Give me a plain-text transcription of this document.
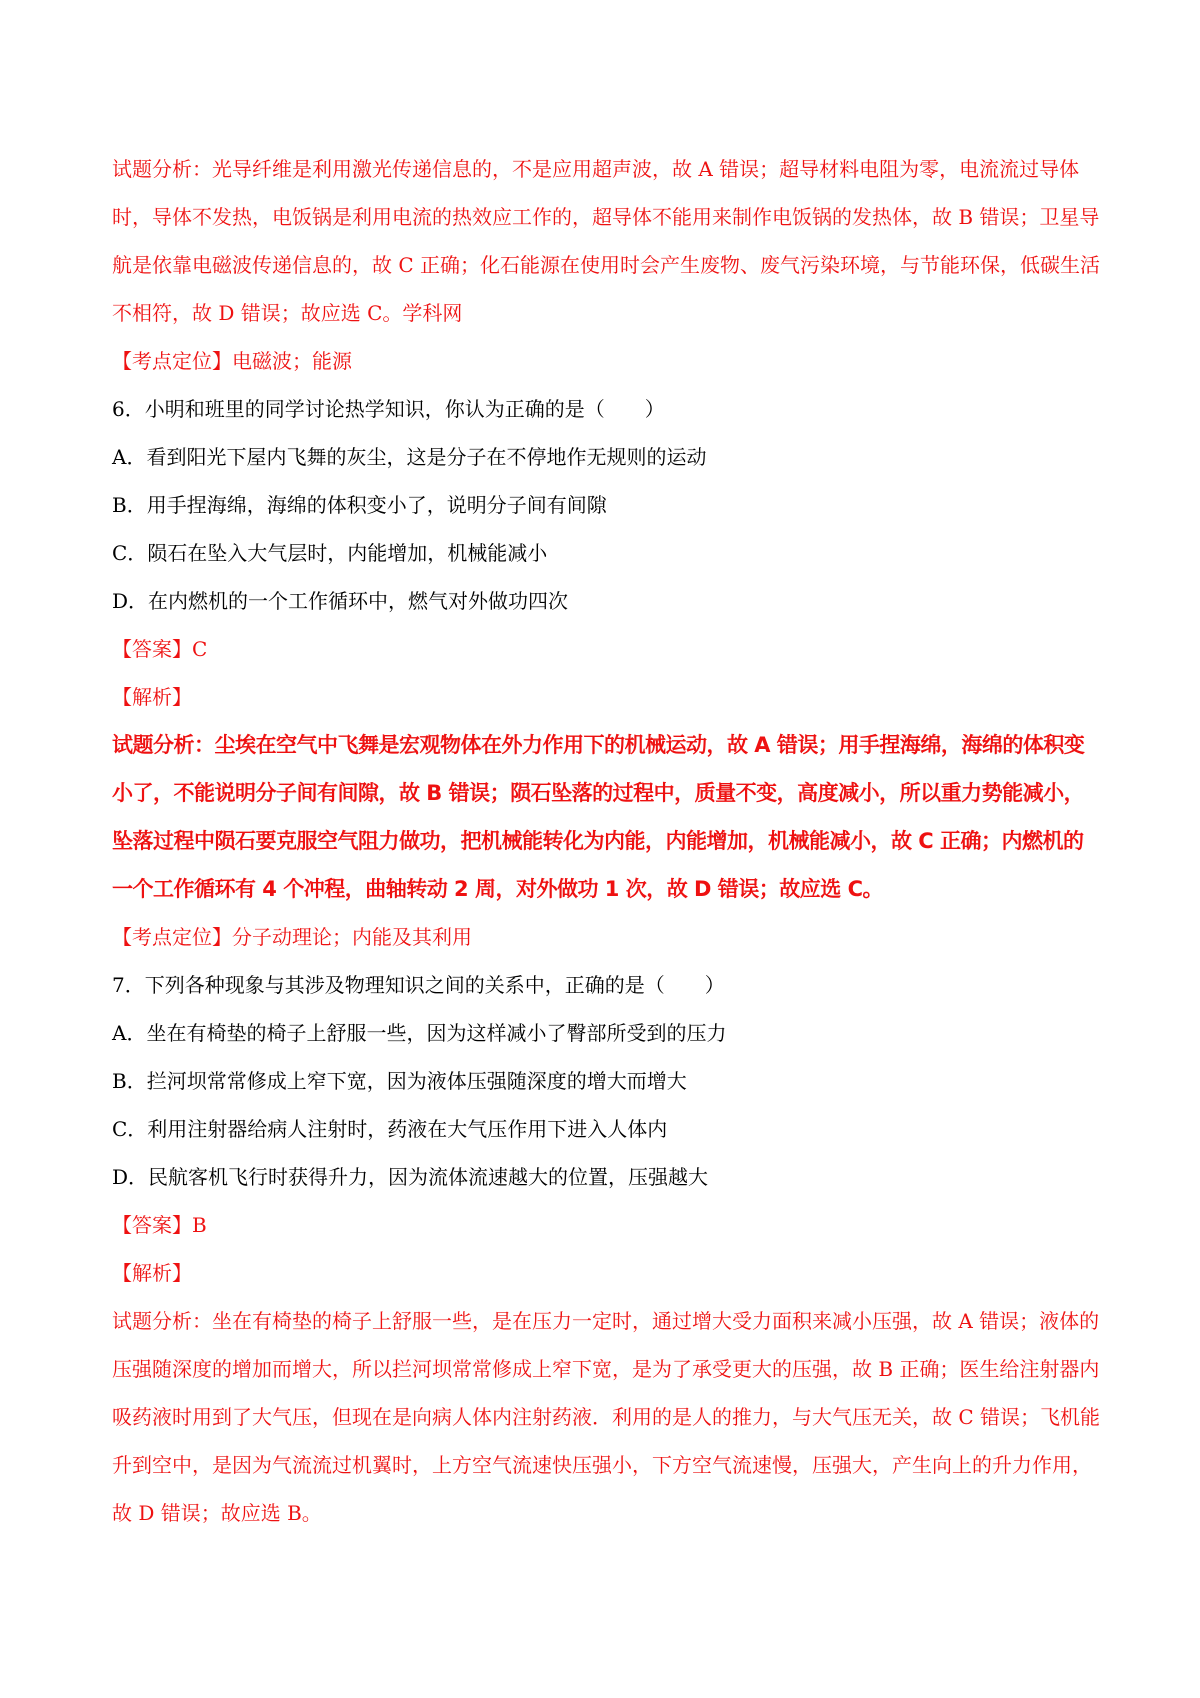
试题分析：光导纤维是利用激光传递信息的，不是应用超声波，故 A 错误；超导材料电阻为零，电流流过导体时，导体不发热，电饭锅是利用电流的热效应工作的，超导体不能用来制作电饭锅的发热体，故 B 错误；卫星导航是依靠电磁波传递信息的，故 C 正确；化石能源在使用时会产生废物、废气污染环境，与节能环保，低碳生活不相符，故 D 错误；故应选 C。学科网

【考点定位】电磁波；能源

6．小明和班里的同学讨论热学知识，你认为正确的是（　　）

A．看到阳光下屋内飞舞的灰尘，这是分子在不停地作无规则的运动

B．用手捏海绵，海绵的体积变小了，说明分子间有间隙

C．陨石在坠入大气层时，内能增加，机械能减小

D．在内燃机的一个工作循环中，燃气对外做功四次

【答案】C

【解析】

试题分析：尘埃在空气中飞舞是宏观物体在外力作用下的机械运动，故 A 错误；用手捏海绵，海绵的体积变小了，不能说明分子间有间隙，故 B 错误；陨石坠落的过程中，质量不变，高度减小，所以重力势能减小，坠落过程中陨石要克服空气阻力做功，把机械能转化为内能，内能增加，机械能减小，故 C 正确；内燃机的一个工作循环有 4 个冲程，曲轴转动 2 周，对外做功 1 次，故 D 错误；故应选 C。

【考点定位】分子动理论；内能及其利用

7．下列各种现象与其涉及物理知识之间的关系中，正确的是（　　）

A．坐在有椅垫的椅子上舒服一些，因为这样减小了臀部所受到的压力

B．拦河坝常常修成上窄下宽，因为液体压强随深度的增大而增大

C．利用注射器给病人注射时，药液在大气压作用下进入人体内

D．民航客机飞行时获得升力，因为流体流速越大的位置，压强越大

【答案】B

【解析】

试题分析：坐在有椅垫的椅子上舒服一些，是在压力一定时，通过增大受力面积来减小压强，故 A 错误；液体的压强随深度的增加而增大，所以拦河坝常常修成上窄下宽，是为了承受更大的压强，故 B 正确；医生给注射器内吸药液时用到了大气压，但现在是向病人体内注射药液．利用的是人的推力，与大气压无关，故 C 错误；飞机能升到空中，是因为气流流过机翼时，上方空气流速快压强小，下方空气流速慢，压强大，产生向上的升力作用，故 D 错误；故应选 B。
